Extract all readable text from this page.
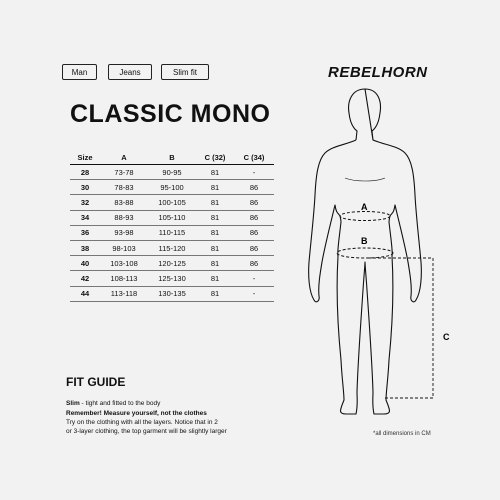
Man	Jeans	Slim fit	REBELHORN
CLASSIC MONO
Size	A	B	C (32)	C (34)
28	73-78	90-95	81	-
30	78-83	95-100	81	86
32	83-88	100-105	81	86
34	88-93	105-110	81	86
36	93-98	110-115	81	86
38	98-103	115-120	81	86
40	103-108	120-125	81	86
42	108-113	125-130	81	-
44	113-118	130-135	81	-
FIT GUIDE
Slim - tight and fitted to the body
Remember! Measure yourself, not the clothes
Try on the clothing with all the layers. Notice that in 2
or 3-layer clothing, the top garment will be slightly larger	*all dimensions in CM
A
B
C
